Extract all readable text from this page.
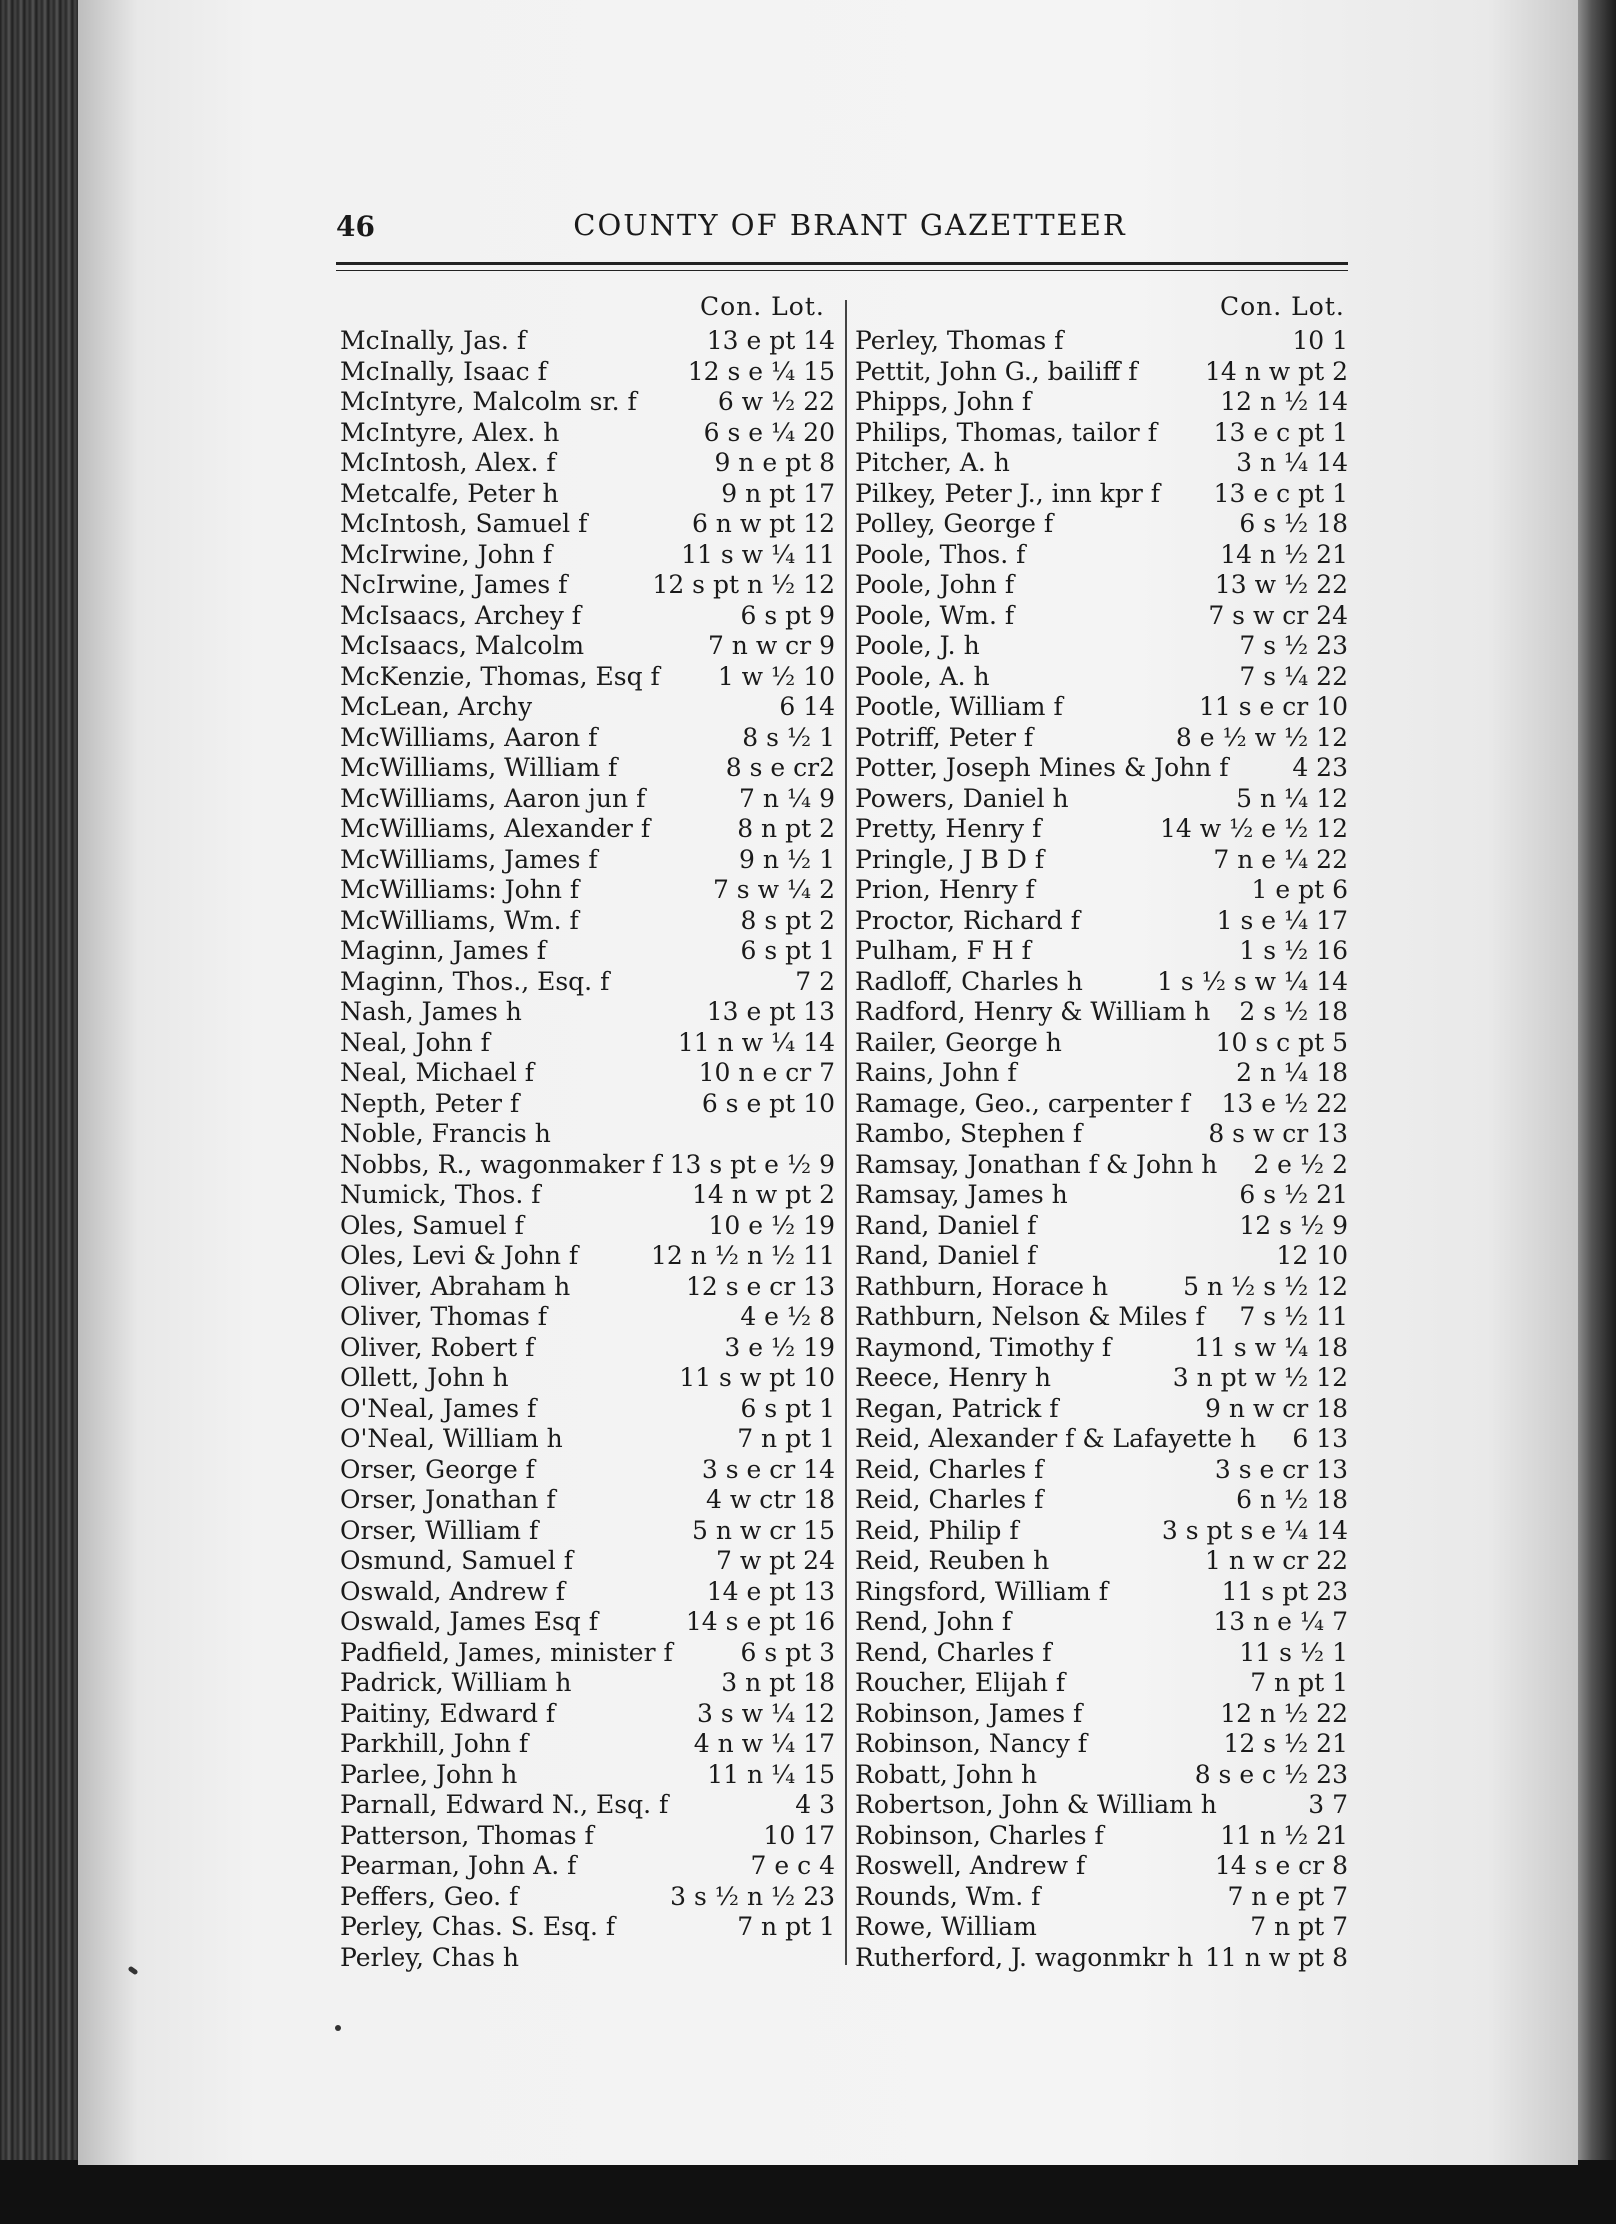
46	COUNTY OF BRANT GAZETTEER
Con. Lot.	Con. Lot.
McInally, Jas. f	13 e pt 14
McInally, Isaac f	12 s e ¼ 15
McIntyre, Malcolm sr. f	6 w ½ 22
McIntyre, Alex. h	6 s e ¼ 20
McIntosh, Alex. f	9 n e pt 8
Metcalfe, Peter h	9 n pt 17
McIntosh, Samuel f	6 n w pt 12
McIrwine, John f	11 s w ¼ 11
NcIrwine, James f	12 s pt n ½ 12
McIsaacs, Archey f	6 s pt 9
McIsaacs, Malcolm	7 n w cr 9
McKenzie, Thomas, Esq f 1 w ½ 10
McLean, Archy	6 14
McWilliams, Aaron f	8 s ½ 1
McWilliams, William f	8 s e cr2
McWilliams, Aaron jun f	7 n ¼ 9
McWilliams, Alexander f	8 n pt 2
McWilliams, James f	9 n ½ 1
McWilliams: John f	7 s w ¼ 2
McWilliams, Wm. f	8 s pt 2
Maginn, James f	6 s pt 1
Maginn, Thos., Esq. f	7 2
Nash, James h	13 e pt 13
Neal, John f	11 n w ¼ 14
Neal, Michael f	10 n e cr 7
Nepth, Peter f	6 s e pt 10
Noble, Francis h
Nobbs, R., wagonmaker f 13 s pt e ½ 9
Numick, Thos. f	14 n w pt 2
Oles, Samuel f	10 e ½ 19
Oles, Levi & John f	12 n ½ n ½ 11
Oliver, Abraham h	12 s e cr 13
Oliver, Thomas f	4 e ½ 8
Oliver, Robert f	3 e ½ 19
Ollett, John h	11 s w pt 10
O'Neal, James f	6 s pt 1
O'Neal, William h	7 n pt 1
Orser, George f	3 s e cr 14
Orser, Jonathan f	4 w ctr 18
Orser, William f	5 n w cr 15
Osmund, Samuel f	7 w pt 24
Oswald, Andrew f	14 e pt 13
Oswald, James Esq f	14 s e pt 16
Padfield, James, minister f	6 s pt 3
Padrick, William h	3 n pt 18
Paitiny, Edward f	3 s w ¼ 12
Parkhill, John f	4 n w ¼ 17
Parlee, John h	11 n ¼ 15
Parnall, Edward N., Esq. f	4 3
Patterson, Thomas f	10 17
Pearman, John A. f	7 e c 4
Peffers, Geo. f	3 s ½ n ½ 23
Perley, Chas. S. Esq. f	7 n pt 1
Perley, Chas h
Perley, Thomas f	10 1
Pettit, John G., bailiff f	14 n w pt 2
Phipps, John f	12 n ½ 14
Philips, Thomas, tailor f 13 e c pt 1
Pitcher, A. h	3 n ¼ 14
Pilkey, Peter J., inn kpr f 13 e c pt 1
Polley, George f	6 s ½ 18
Poole, Thos. f	14 n ½ 21
Poole, John f	13 w ½ 22
Poole, Wm. f	7 s w cr 24
Poole, J. h	7 s ½ 23
Poole, A. h	7 s ¼ 22
Pootle, William f	11 s e cr 10
Potriff, Peter f	8 e ½ w ½ 12
Potter, Joseph Mines & John f	4 23
Powers, Daniel h	5 n ¼ 12
Pretty, Henry f	14 w ½ e ½ 12
Pringle, J B D f	7 n e ¼ 22
Prion, Henry f	1 e pt 6
Proctor, Richard f	1 s e ¼ 17
Pulham, F H f	1 s ½ 16
Radloff, Charles h	1 s ½ s w ¼ 14
Radford, Henry & William h 2 s ½ 18
Railer, George h	10 s c pt 5
Rains, John f	2 n ¼ 18
Ramage, Geo., carpenter f 13 e ½ 22
Rambo, Stephen f	8 s w cr 13
Ramsay, Jonathan f & John h 2 e ½ 2
Ramsay, James h	6 s ½ 21
Rand, Daniel f	12 s ½ 9
Rand, Daniel f	12 10
Rathburn, Horace h	5 n ½ s ½ 12
Rathburn, Nelson & Miles f 7 s ½ 11
Raymond, Timothy f	11 s w ¼ 18
Reece, Henry h	3 n pt w ½ 12
Regan, Patrick f	9 n w cr 18
Reid, Alexander f & Lafayette h 6 13
Reid, Charles f	3 s e cr 13
Reid, Charles f	6 n ½ 18
Reid, Philip f	3 s pt s e ¼ 14
Reid, Reuben h	1 n w cr 22
Ringsford, William f	11 s pt 23
Rend, John f	13 n e ¼ 7
Rend, Charles f	11 s ½ 1
Roucher, Elijah f	7 n pt 1
Robinson, James f	12 n ½ 22
Robinson, Nancy f	12 s ½ 21
Robatt, John h	8 s e c ½ 23
Robertson, John & William h	3 7
Robinson, Charles f	11 n ½ 21
Roswell, Andrew f	14 s e cr 8
Rounds, Wm. f	7 n e pt 7
Rowe, William	7 n pt 7
Rutherford, J. wagonmkr h 11 n w pt 8
